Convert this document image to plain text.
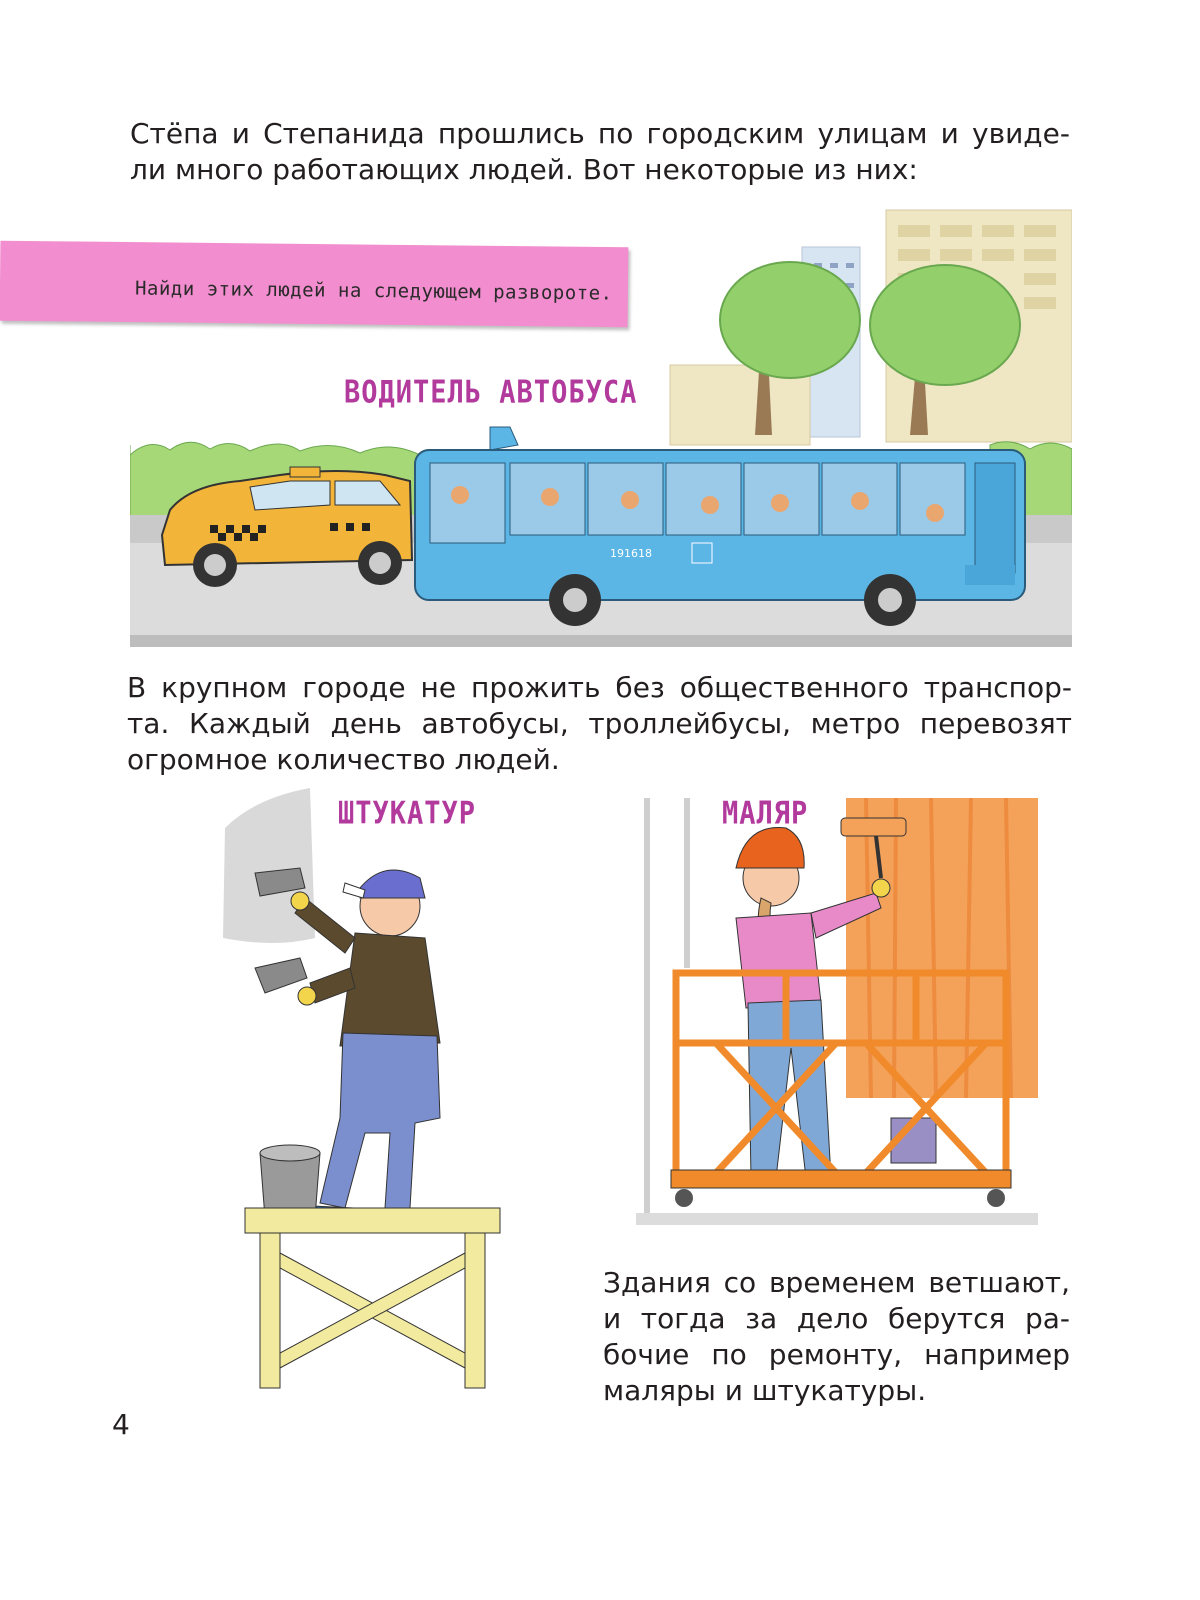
Стёпа и Степанида прошлись по городским улицам и увиде-
ли много работающих людей. Вот некоторые из них:

191618
Найди этих людей на следующем развороте.
ВОДИТЕЛЬ АВТОБУСА

В крупном городе не прожить без общественного транспор-
та. Каждый день автобусы, троллейбусы, метро перевозят
огромное количество людей.

ШТУКАТУР	МАЛЯР

Здания со временем ветшают,
и тогда за дело берутся ра-
бочие по ремонту, например
маляры и штукатуры.

4
